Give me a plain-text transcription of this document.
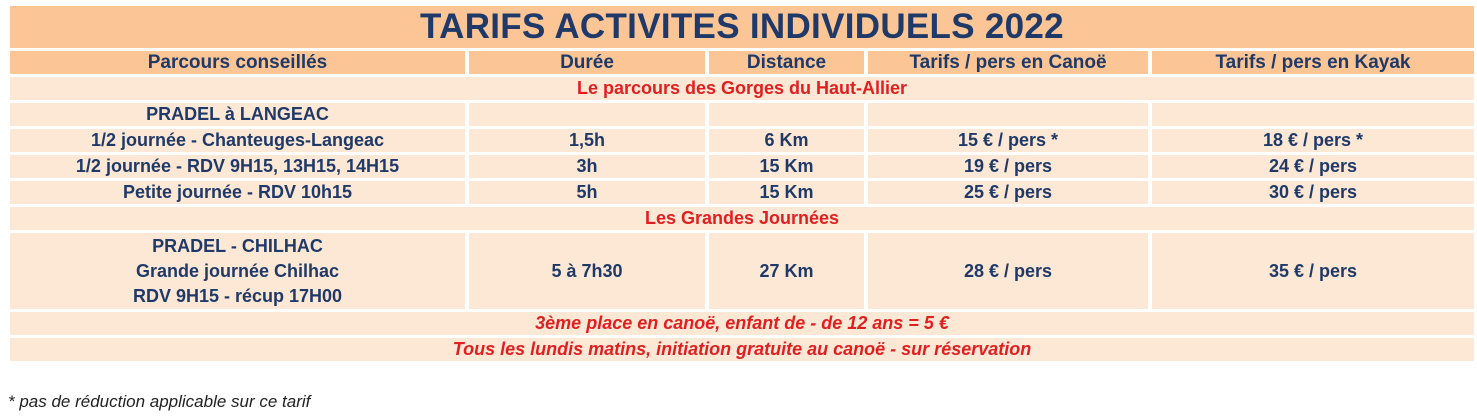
TARIFS ACTIVITES INDIVIDUELS 2022				
Parcours conseillés	Durée	Distance	Tarifs / pers en Canoë	Tarifs / pers en Kayak
Le parcours des Gorges du Haut-Allier				
PRADEL à LANGEAC				
1/2 journée - Chanteuges-Langeac	1,5h	6 Km	15 € / pers *	18 € / pers *
1/2 journée - RDV 9H15, 13H15, 14H15	3h	15 Km	19 € / pers	24 € / pers
Petite journée - RDV 10h15	5h	15 Km	25 € / pers	30 € / pers
Les Grandes Journées				

PRADEL - CHILHAC
Grande journée Chilhac
RDV 9H15 - récup 17H00	5 à 7h30	27 Km	28 € / pers	35 € / pers
3ème place en canoë, enfant de - de 12 ans = 5 €				
Tous les lundis matins, initiation gratuite au canoë - sur réservation				
* pas de réduction applicable sur ce tarif
